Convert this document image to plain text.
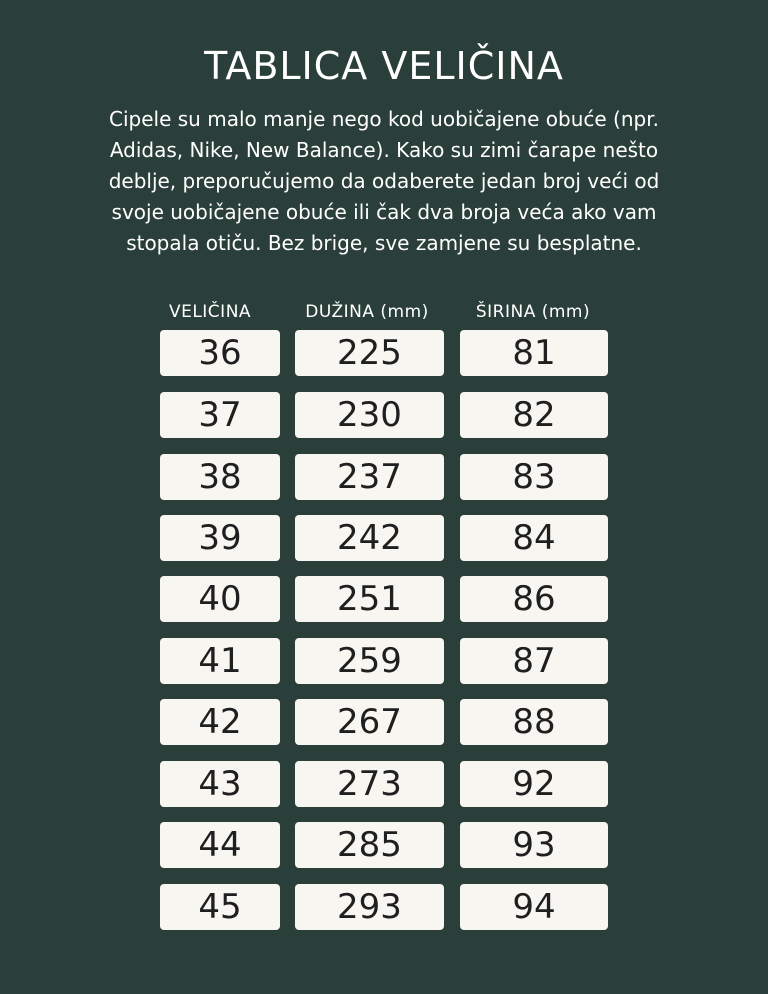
TABLICA VELIČINA
Cipele su malo manje nego kod uobičajene obuće (npr. Adidas, Nike, New Balance). Kako su zimi čarape nešto deblje, preporučujemo da odaberete jedan broj veći od svoje uobičajene obuće ili čak dva broja veća ako vam stopala otiču. Bez brige, sve zamjene su besplatne.
VELIČINA	DUŽINA (mm)	ŠIRINA (mm)
36	225	81
37	230	82
38	237	83
39	242	84
40	251	86
41	259	87
42	267	88
43	273	92
44	285	93
45	293	94
